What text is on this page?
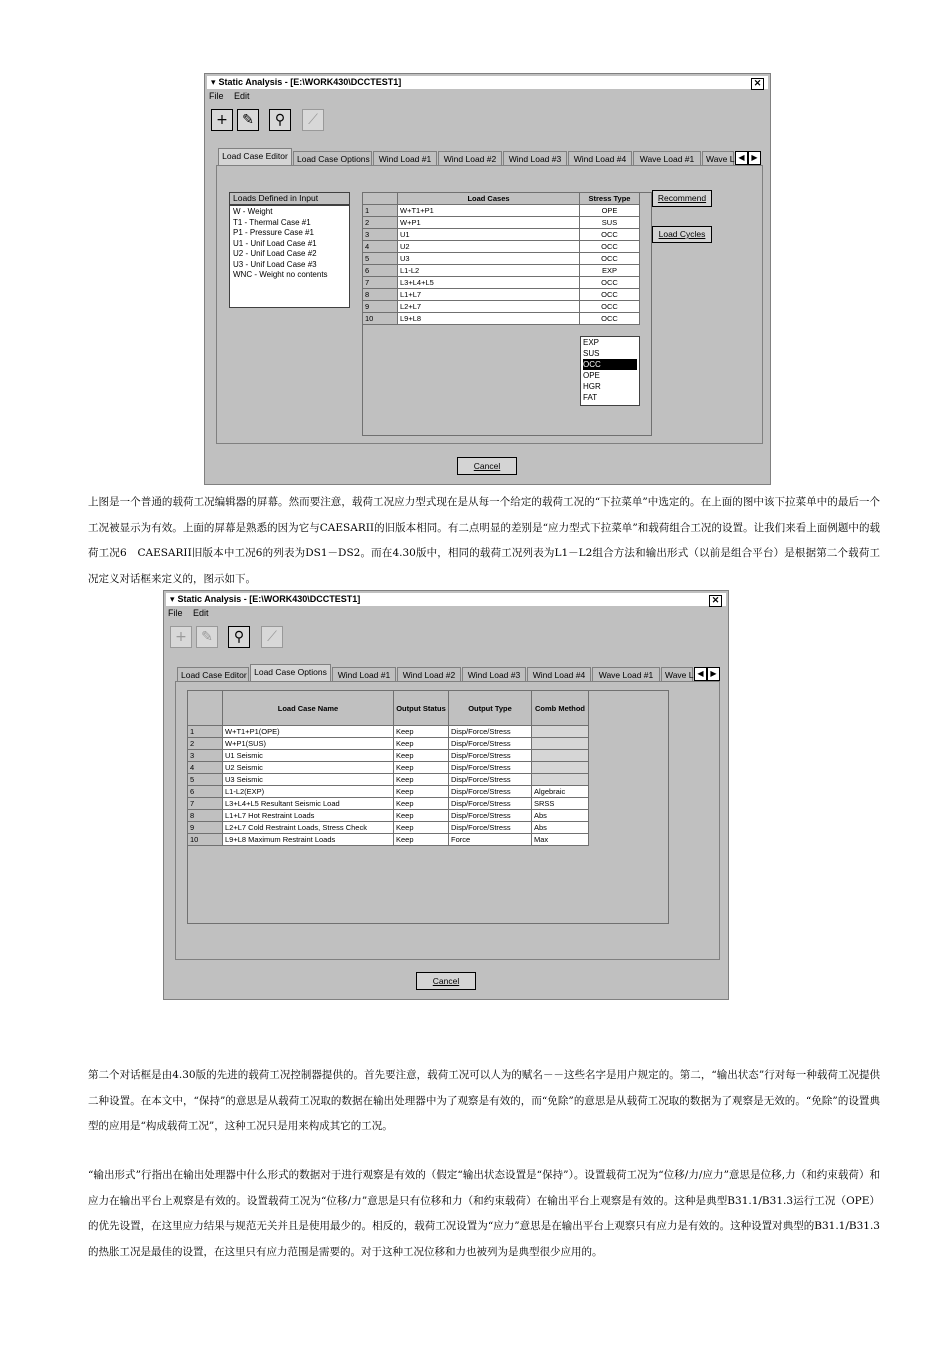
▾ Static Analysis - [E:\WORK430\DCCTEST1]	✕
File Edit
+	✎	⚲	⟋
Load Case Editor	Load Case Options	Wind Load #1	Wind Load #2	Wind Load #3	Wind Load #4	Wave Load #1	Wave L ◀ ▶
Loads Defined in Input
W - Weight
T1 - Thermal Case #1
P1 - Pressure Case #1
U1 - Unif Load Case #1
U2 - Unif Load Case #2
U3 - Unif Load Case #3
WNC - Weight no contents
	Load Cases	Stress Type
1	W+T1+P1	OPE
2	W+P1	SUS
3	U1	OCC
4	U2	OCC
5	U3	OCC
6	L1-L2	EXP
7	L3+L4+L5	OCC
8	L1+L7	OCC
9	L2+L7	OCC
10	L9+L8	OCC
EXP
SUS
OCC
OPE
HGR
FAT
Recommend
Load Cycles
Cancel

上图是一个普通的载荷工况编辑器的屏幕。然而要注意，载荷工况应力型式现在是从每一个给定的载荷工况的“下拉菜单”中选定的。在上面的图中该下拉菜单中的最后一个工况被显示为有效。上面的屏幕是熟悉的因为它与CAESARII的旧版本相同。有二点明显的差别是“应力型式下拉菜单”和载荷组合工况的设置。让我们来看上面例题中的载荷工况6　CAESARII旧版本中工况6的列表为DS1－DS2。而在4.30版中，相同的载荷工况列表为L1－L2组合方法和输出形式（以前是组合平台）是根据第二个载荷工况定义对话框来定义的，图示如下。

▾ Static Analysis - [E:\WORK430\DCCTEST1]	✕
File Edit
+	✎	⚲	⟋
Load Case Editor Load Case Options	Wind Load #1	Wind Load #2	Wind Load #3	Wind Load #4	Wave Load #1	Wave L ◀ ▶
	Load Case Name	Output Status	Output Type	Comb Method
1	W+T1+P1(OPE)	Keep	Disp/Force/Stress	
2	W+P1(SUS)	Keep	Disp/Force/Stress	
3	U1 Seismic	Keep	Disp/Force/Stress	
4	U2 Seismic	Keep	Disp/Force/Stress	
5	U3 Seismic	Keep	Disp/Force/Stress	
6	L1-L2(EXP)	Keep	Disp/Force/Stress	Algebraic
7	L3+L4+L5 Resultant Seismic Load	Keep	Disp/Force/Stress	SRSS
8	L1+L7 Hot Restraint Loads	Keep	Disp/Force/Stress	Abs
9	L2+L7 Cold Restraint Loads, Stress Check	Keep	Disp/Force/Stress	Abs
10	L9+L8 Maximum Restraint Loads	Keep	Force	Max
Cancel

第二个对话框是由4.30版的先进的载荷工况控制器提供的。首先要注意，载荷工况可以人为的赋名－－这些名字是用户规定的。第二，“输出状态”行对每一种载荷工况提供二种设置。在本文中，“保持”的意思是从载荷工况取的数据在输出处理器中为了观察是有效的，而“免除”的意思是从载荷工况取的数据为了观察是无效的。“免除”的设置典型的应用是“构成载荷工况”，这种工况只是用来构成其它的工况。

“输出形式”行指出在输出处理器中什么形式的数据对于进行观察是有效的（假定“输出状态设置是“保持”）。设置载荷工况为“位移/力/应力”意思是位移,力（和约束载荷）和应力在输出平台上观察是有效的。设置载荷工况为“位移/力”意思是只有位移和力（和约束载荷）在输出平台上观察是有效的。这种是典型B31.1/B31.3运行工况（OPE）的优先设置，在这里应力结果与规范无关并且是使用最少的。相反的，载荷工况设置为“应力”意思是在输出平台上观察只有应力是有效的。这种设置对典型的B31.1/B31.3的热胀工况是最佳的设置，在这里只有应力范围是需要的。对于这种工况位移和力也被列为是典型很少应用的。
